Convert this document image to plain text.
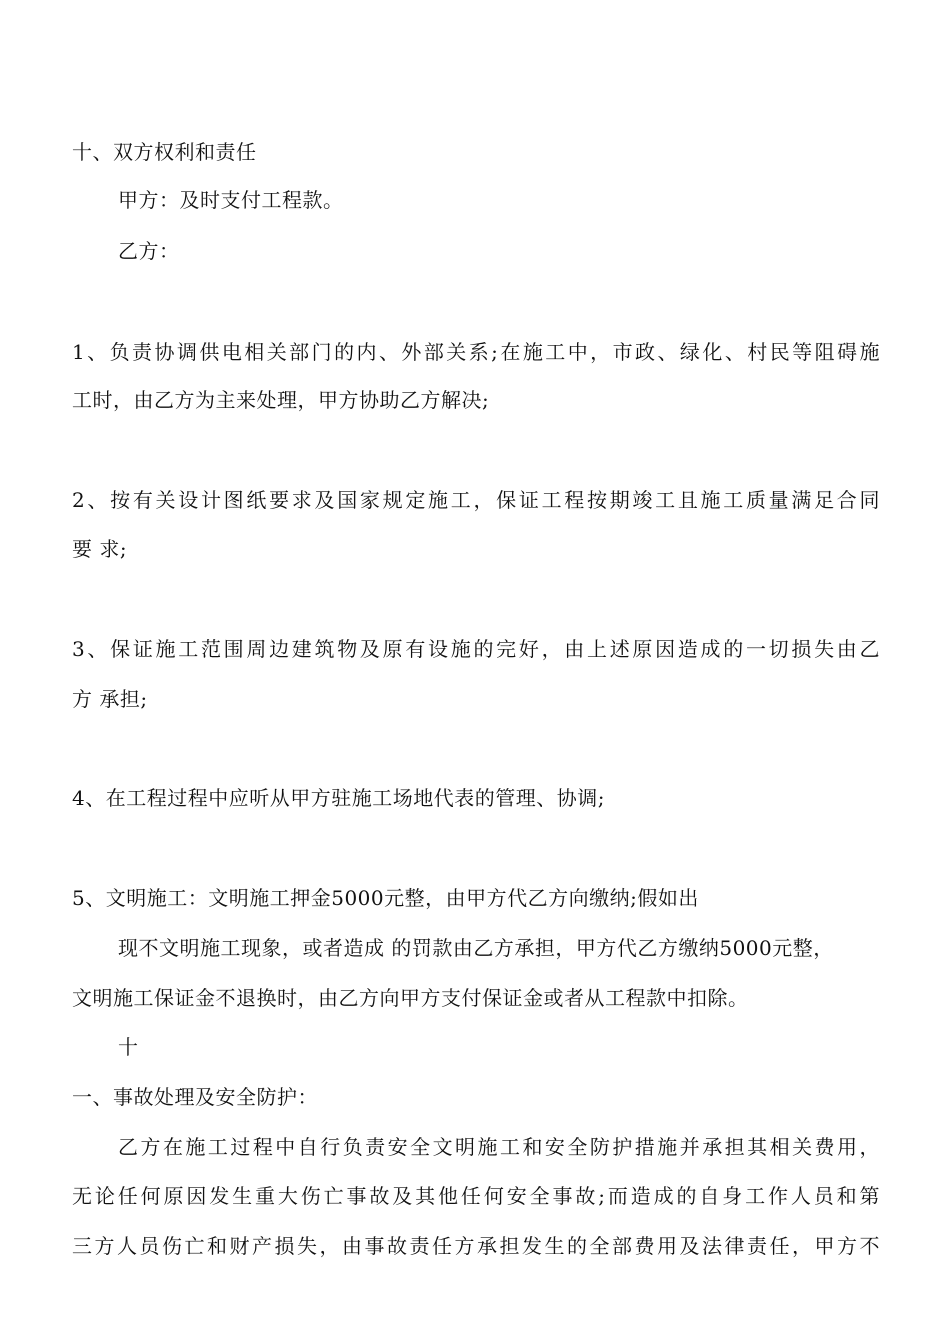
十、双方权利和责任
甲方：及时支付工程款。
乙方：
1、负责协调供电相关部门的内、外部关系;在施工中，市政、绿化、村民等阻碍施
工时，由乙方为主来处理，甲方协助乙方解决;
2、按有关设计图纸要求及国家规定施工，保证工程按期竣工且施工质量满足合同
要 求;
3、保证施工范围周边建筑物及原有设施的完好，由上述原因造成的一切损失由乙
方 承担;
4、在工程过程中应听从甲方驻施工场地代表的管理、协调;
5、文明施工：文明施工押金5000元整，由甲方代乙方向缴纳;假如出
现不文明施工现象，或者造成 的罚款由乙方承担，甲方代乙方缴纳5000元整，
文明施工保证金不退换时，由乙方向甲方支付保证金或者从工程款中扣除。
十
一、事故处理及安全防护：
乙方在施工过程中自行负责安全文明施工和安全防护措施并承担其相关费用，
无论任何原因发生重大伤亡事故及其他任何安全事故;而造成的自身工作人员和第
三方人员伤亡和财产损失，由事故责任方承担发生的全部费用及法律责任，甲方不
